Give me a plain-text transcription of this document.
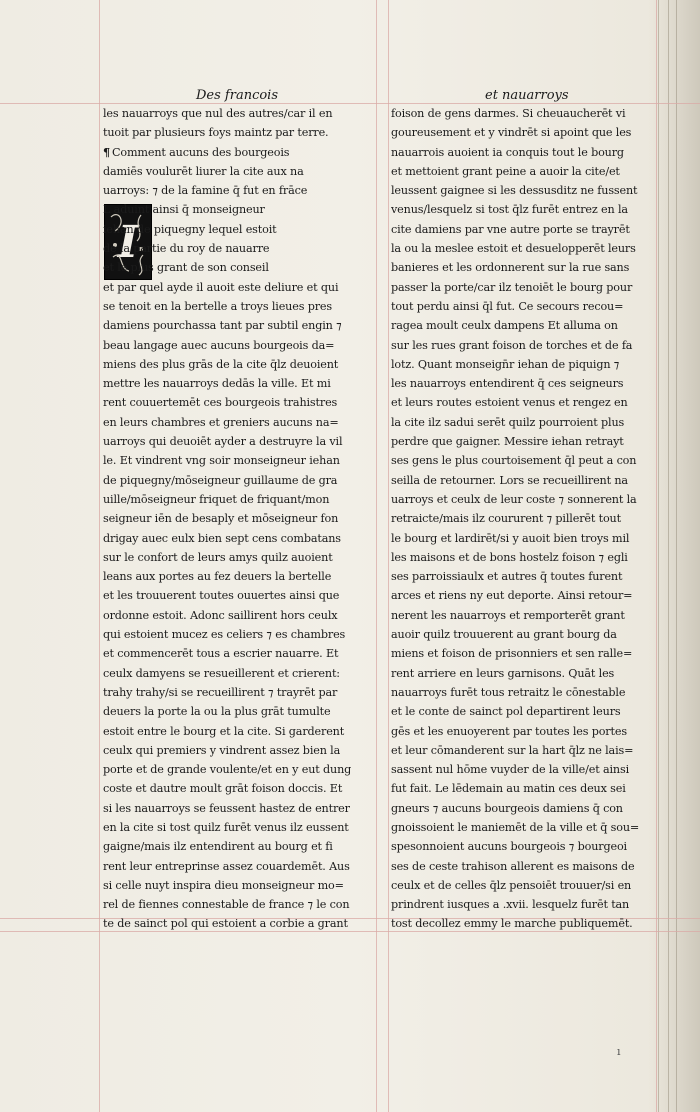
Des francois	et nauarroys
I
les nauarroys que nul des autres/car il en
tuoit par plusieurs foys maintz par terre.
¶ Comment aucuns des bourgeois
damiēs voulurēt liurer la cite aux na
uarroys: ⁊ de la famine q̄ fut en frāce
L aduint ainsi q̄ monseigneur
iehan de piquegny lequel estoit
de la partie du roy de nauarre
et le plus grant de son conseil
et par quel ayde il auoit este deliure et qui
se tenoit en la bertelle a troys lieues pres
damiens pourchassa tant par subtil engin ⁊
beau langage auec aucuns bourgeois da=
miens des plus grās de la cite q̄lz deuoient
mettre les nauarroys dedās la ville. Et mi
rent couuertemēt ces bourgeois trahistres
en leurs chambres et greniers aucuns na=
uarroys qui deuoiēt ayder a destruyre la vil
le. Et vindrent vng soir monseigneur iehan
de piquegny/mōseigneur guillaume de gra
uille/mōseigneur friquet de friquant/mon
seigneur iēn de besaply et mōseigneur fon
drigay auec eulx bien sept cens combatans
sur le confort de leurs amys quilz auoient
leans aux portes au fez deuers la bertelle
et les trouuerent toutes ouuertes ainsi que
ordonne estoit. Adonc saillirent hors ceulx
qui estoient mucez es celiers ⁊ es chambres
et commencerēt tous a escrier nauarre. Et
ceulx damyens se resueillerent et crierent:
trahy trahy/si se recueillirent ⁊ trayrēt par
deuers la porte la ou la plus grāt tumulte
estoit entre le bourg et la cite. Si garderent
ceulx qui premiers y vindrent assez bien la
porte et de grande voulente/et en y eut dung
coste et dautre moult grāt foison doccis. Et
si les nauarroys se feussent hastez de entrer
en la cite si tost quilz furēt venus ilz eussent
gaigne/mais ilz entendirent au bourg et fi
rent leur entreprinse assez couardemēt. Aus
si celle nuyt inspira dieu monseigneur mo=
rel de fiennes connestable de france ⁊ le con
te de sainct pol qui estoient a corbie a grant
foison de gens darmes. Si cheuaucherēt vi
goureusement et y vindrēt si apoint que les
nauarrois auoient ia conquis tout le bourg
et mettoient grant peine a auoir la cite/et
leussent gaignee si les dessusditz ne fussent
venus/lesquelz si tost q̄lz furēt entrez en la
cite damiens par vne autre porte se trayrēt
la ou la meslee estoit et desuelopperēt leurs
banieres et les ordonnerent sur la rue sans
passer la porte/car ilz tenoiēt le bourg pour
tout perdu ainsi q̄l fut. Ce secours recou=
ragea moult ceulx dampens Et alluma on
sur les rues grant foison de torches et de fa
lotz. Quant monseign̄r iehan de piquign ⁊
les nauarroys entendirent q̄ ces seigneurs
et leurs routes estoient venus et rengez en
la cite ilz sadui serēt quilz pourroient plus
perdre que gaigner. Messire iehan retrayt
ses gens le plus courtoisement q̄l peut a con
seilla de retourner. Lors se recueillirent na
uarroys et ceulx de leur coste ⁊ sonnerent la
retraicte/mais ilz coururent ⁊ pillerēt tout
le bourg et lardirēt/si y auoit bien troys mil
les maisons et de bons hostelz foison ⁊ egli
ses parroissiaulx et autres q̄ toutes furent
arces et riens ny eut deporte. Ainsi retour=
nerent les nauarroys et remporterēt grant
auoir quilz trouuerent au grant bourg da
miens et foison de prisonniers et sen ralle=
rent arriere en leurs garnisons. Quāt les
nauarroys furēt tous retraitz le cōnestable
et le conte de sainct pol departirent leurs
gēs et les enuoyerent par toutes les portes
et leur cōmanderent sur la hart q̄lz ne lais=
sassent nul hōme vuyder de la ville/et ainsi
fut fait. Le lēdemain au matin ces deux sei
gneurs ⁊ aucuns bourgeois damiens q̄ con
gnoissoient le maniemēt de la ville et q̄ sou=
spesonnoient aucuns bourgeois ⁊ bourgeoi
ses de ceste trahison allerent es maisons de
ceulx et de celles q̄lz pensoiēt trouuer/si en
prindrent iusques a .xvii. lesquelz furēt tan
tost decollez emmy le marche publiquemēt.
ı
